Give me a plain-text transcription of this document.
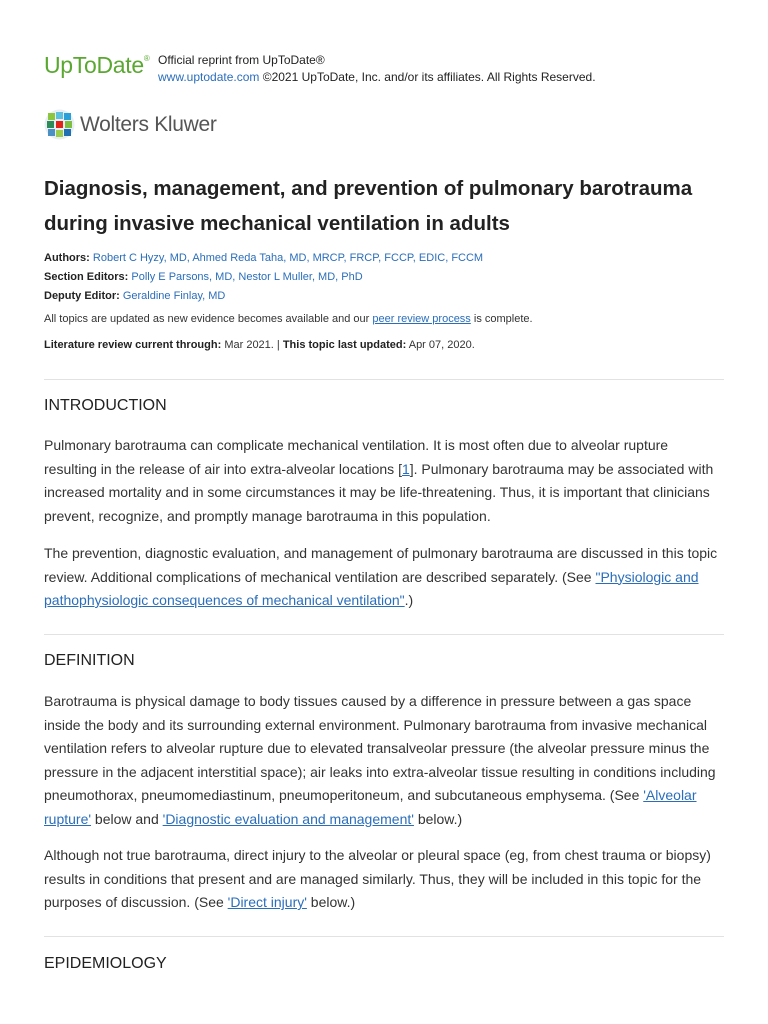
UpToDate® Official reprint from UpToDate®
www.uptodate.com ©2021 UpToDate, Inc. and/or its affiliates. All Rights Reserved.
Wolters Kluwer
Diagnosis, management, and prevention of pulmonary barotrauma during invasive mechanical ventilation in adults
Authors: Robert C Hyzy, MD, Ahmed Reda Taha, MD, MRCP, FRCP, FCCP, EDIC, FCCM
Section Editors: Polly E Parsons, MD, Nestor L Muller, MD, PhD
Deputy Editor: Geraldine Finlay, MD
All topics are updated as new evidence becomes available and our peer review process is complete.
Literature review current through: Mar 2021. | This topic last updated: Apr 07, 2020.
INTRODUCTION

Pulmonary barotrauma can complicate mechanical ventilation. It is most often due to alveolar rupture resulting in the release of air into extra-alveolar locations [1]. Pulmonary barotrauma may be associated with increased mortality and in some circumstances it may be life-threatening. Thus, it is important that clinicians prevent, recognize, and promptly manage barotrauma in this population.

The prevention, diagnostic evaluation, and management of pulmonary barotrauma are discussed in this topic review. Additional complications of mechanical ventilation are described separately. (See "Physiologic and pathophysiologic consequences of mechanical ventilation".)

DEFINITION

Barotrauma is physical damage to body tissues caused by a difference in pressure between a gas space inside the body and its surrounding external environment. Pulmonary barotrauma from invasive mechanical ventilation refers to alveolar rupture due to elevated transalveolar pressure (the alveolar pressure minus the pressure in the adjacent interstitial space); air leaks into extra-alveolar tissue resulting in conditions including pneumothorax, pneumomediastinum, pneumoperitoneum, and subcutaneous emphysema. (See 'Alveolar rupture' below and 'Diagnostic evaluation and management' below.)

Although not true barotrauma, direct injury to the alveolar or pleural space (eg, from chest trauma or biopsy) results in conditions that present and are managed similarly. Thus, they will be included in this topic for the purposes of discussion. (See 'Direct injury' below.)

EPIDEMIOLOGY
